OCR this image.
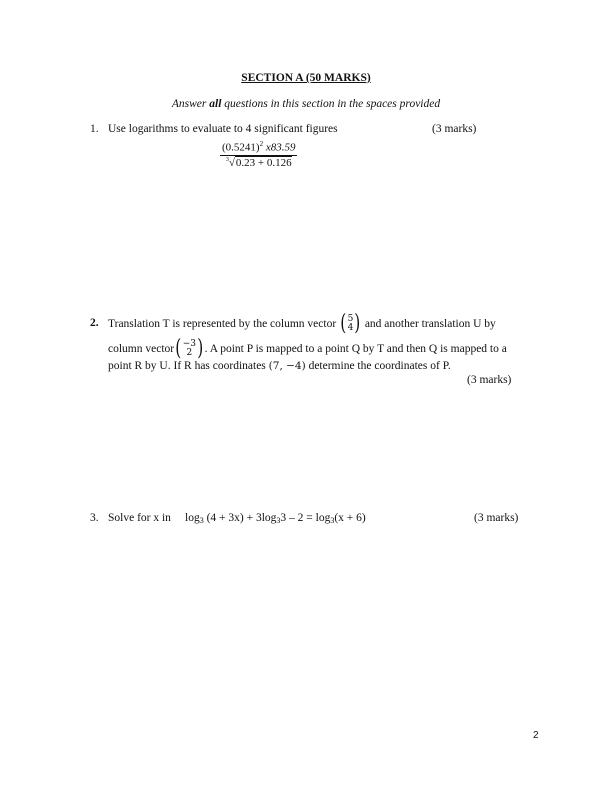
SECTION A (50 MARKS)
Answer all questions in this section in the spaces provided
1. Use logarithms to evaluate to 4 significant figures	(3 marks)
$\frac{(0.5241)^2 x83.59}{^3√0.23 + 0.126}$
2. Translation T is represented by the column vector ( 5
4 ) and another translation U by
column vector ( −3
2 ) . A point P is mapped to a point Q by T and then Q is mapped to a
point R by U. If R has coordinates (7, −4) determine the coordinates of P.
(3 marks)
3. Solve for x in log3 (4 + 3x) + 3log33 – 2 = log3(x + 6)	(3 marks)
2
